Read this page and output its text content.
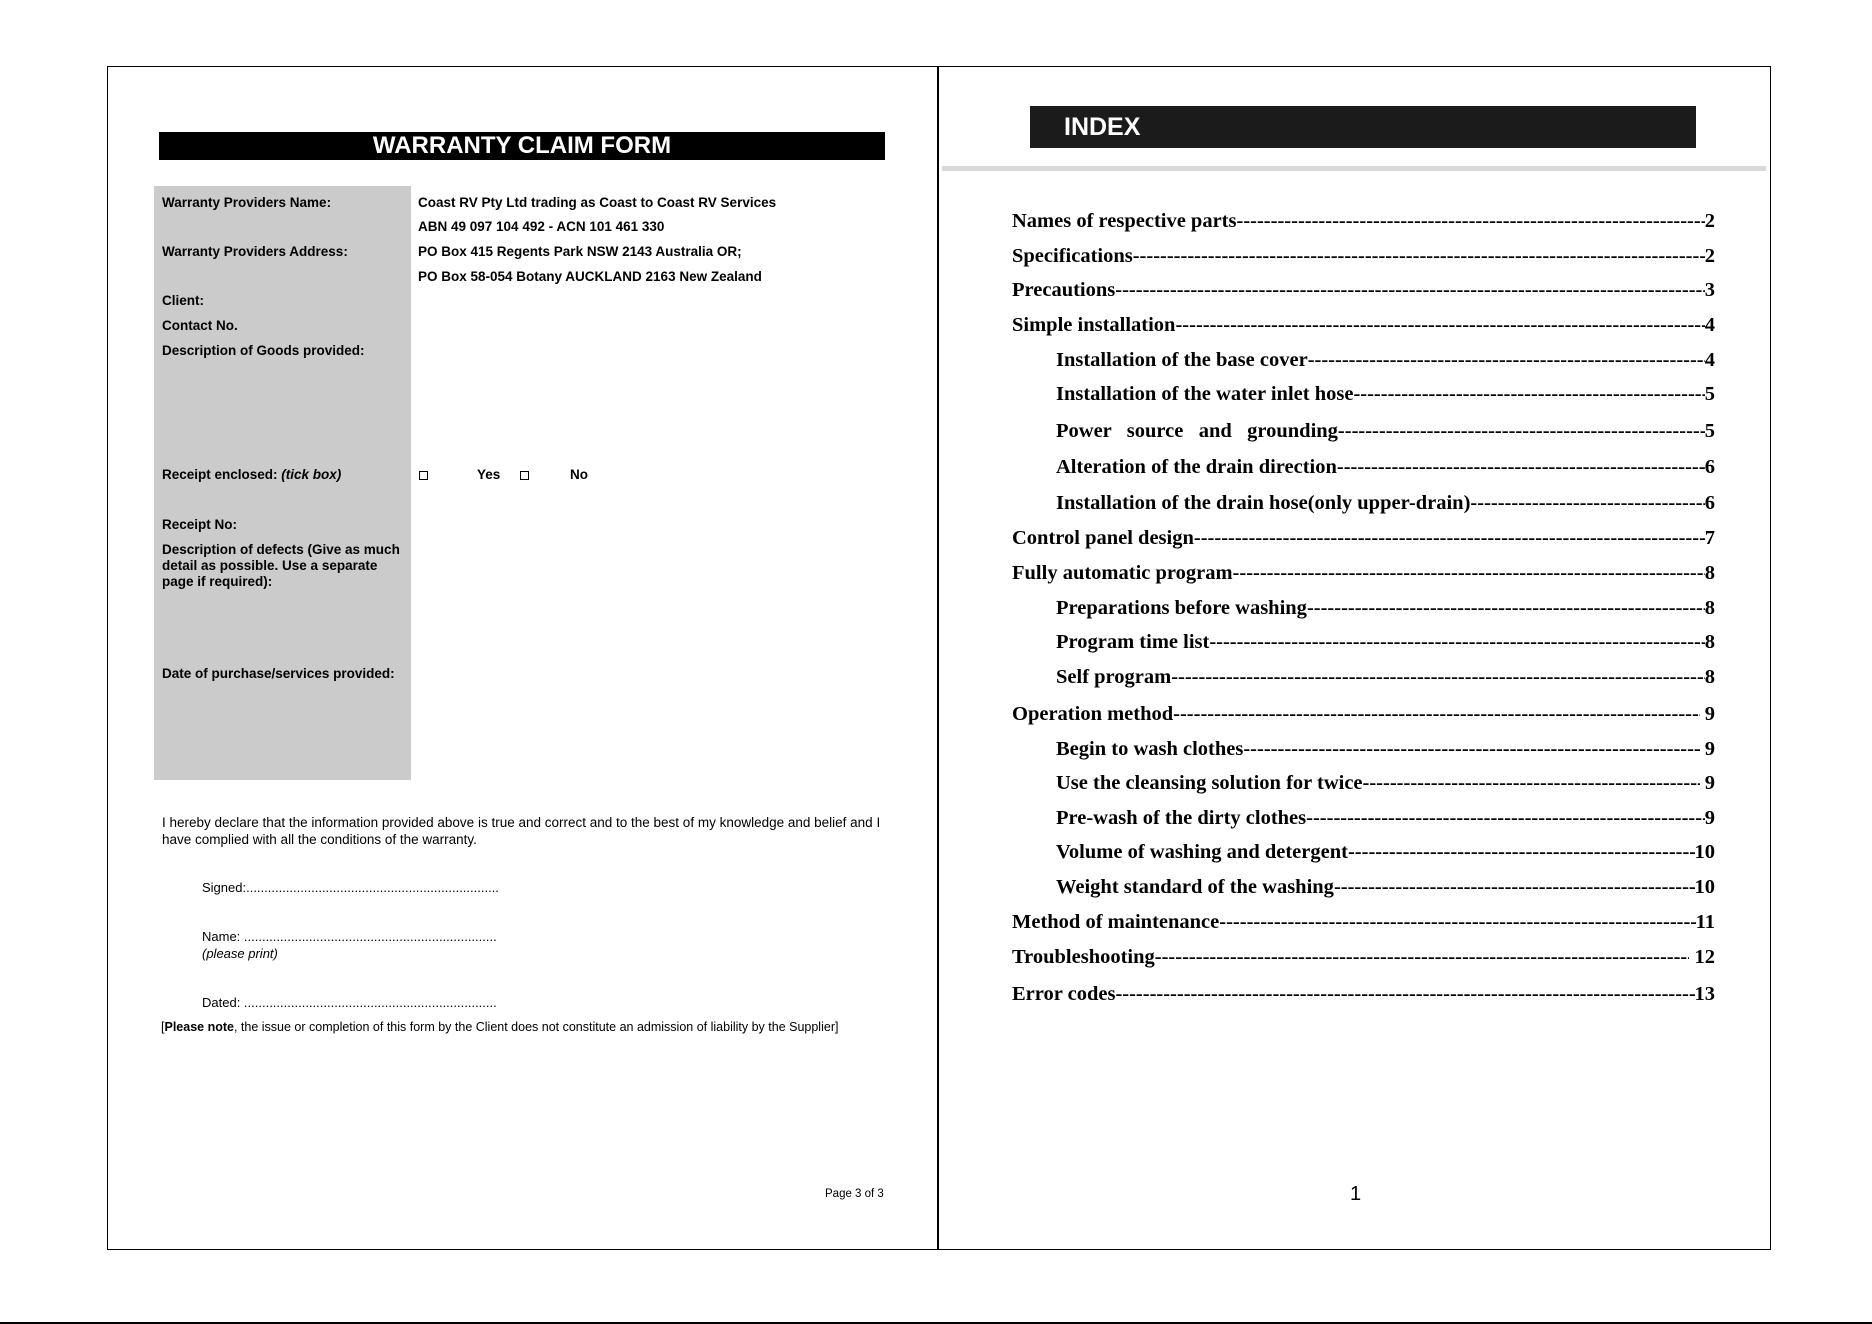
WARRANTY CLAIM FORM
Warranty Providers Name:	Coast RV Pty Ltd trading as Coast to Coast RV Services
ABN 49 097 104 492 - ACN 101 461 330
Warranty Providers Address:	PO Box 415 Regents Park NSW 2143 Australia OR;
PO Box 58-054 Botany AUCKLAND 2163 New Zealand
Client:
Contact No.
Description of Goods provided:
Receipt enclosed: (tick box)	Yes	No
Receipt No:
Description of defects (Give as much detail as possible. Use a separate page if required):
Date of purchase/services provided:
I hereby declare that the information provided above is true and correct and to the best of my knowledge and belief and I have complied with all the conditions of the warranty.
Signed:......................................................................
Name: ......................................................................
(please print)
Dated: ......................................................................
[Please note, the issue or completion of this form by the Client does not constitute an admission of liability by the Supplier]
Page 3 of 3
INDEX
Names of respective parts -----	2
Specifications -----	2
Precautions -----	3
Simple installation -----	4
Installation of the base cover -----	4
Installation of the water inlet hose -----	5
Power   source   and   grounding -----	5
Alteration of the drain direction -----	6
Installation of the drain hose(only upper-drain) -----	6
Control panel design -----	7
Fully automatic program -----	8
Preparations before washing -----	8
Program time list -----	8
Self program -----	8
Operation method -----	9
Begin to wash clothes -----	9
Use the cleansing solution for twice -----	9
Pre-wash of the dirty clothes -----	9
Volume of washing and detergent -----	10
Weight standard of the washing -----	10
Method of maintenance -----	11
Troubleshooting -----	12
Error codes -----	13
1
